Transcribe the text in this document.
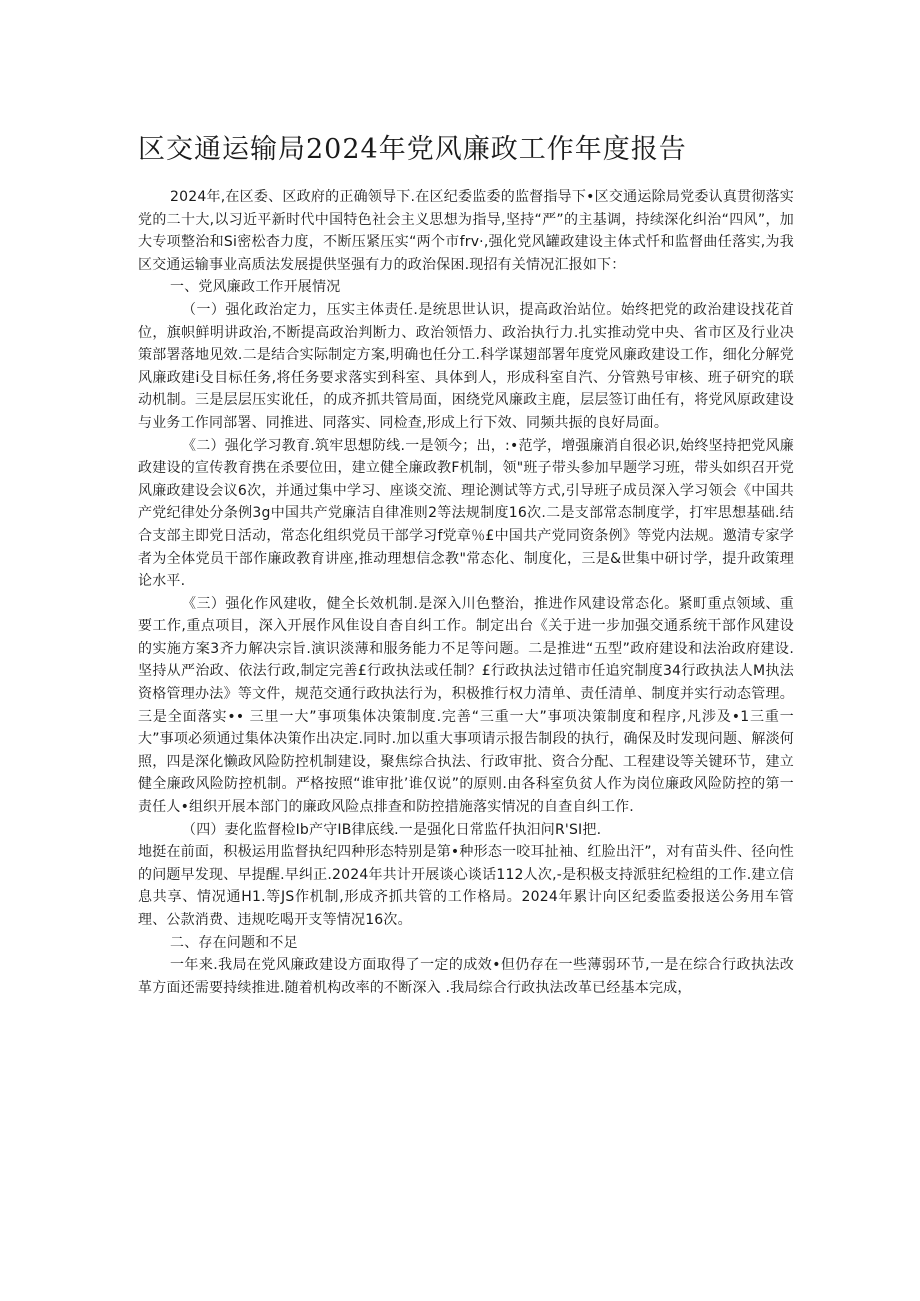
区交通运输局2024年党风廉政工作年度报告

2024年,在区委、区政府的正确领导下.在区纪委监委的监督指导下•区交通运除局党委认真贯彻落实党的二十大,以习近平新时代中国特色社会主义思想为指导,坚持“严”的主基调，持续深化纠治“四风”，加大专项整治和Si密松杳力度，不断压紧压实“两个市frv·,强化党风罐政建设主体式忏和监督曲任落实,为我区交通运输事业高质法发展提供坚强有力的政治保困.现招有关情况汇报如下：

一、党风廉政工作开展情况

（一）强化政治定力，压实主体责任.是统思世认识，提高政治站位。始终把党的政治建设找花首位，旗帜鲜明讲政治,不断提高政治判断力、政治领悟力、政治执行力.扎实推动党中央、省市区及行业决策部署落地见效.二是结合实际制定方案,明确也任分工.科学谋翅部署年度党风廉政建设工作，细化分解党风廉政建i殳目标任务,将任务要求落实到科室、具体到人，形成科室自汽、分管熟号审核、班子研究的联动机制。三是层层压实讹任，的成齐抓共管局面，困绕党风廉政主鹿，层层签订曲任有，将党风原政建设与业务工作同部署、同推进、同落实、同检查,形成上行下效、同频共振的良好局面。

《二）强化学习教育.筑牢思想防线.一是领今；出，:•范学，增强廉消自很必识,始终坚持把党风廉政建设的宣传教育携在杀要位田，建立健全廉政教F机制，领"班子带头参加早题学习班，带头如织召开党风廉政建设会议6次，并通过集中学习、座谈交流、理论测试等方式,引导班子成员深入学习领会《中国共产党纪律处分条例3g中国共产党廉洁自律准则2等法规制度16次.二是支部常态制度学，打牢思想基础.结合支部主即党日活动，常态化组织党员干部学习f党章％£中国共产党同资条例》等党内法规。邀清专家学者为全体党员干部作廉政教育讲座,推动理想信念教"常态化、制度化，三是&世集中研讨学，提升政策理论水平.

《三）强化作风建收，健全长效机制.是深入川色整治，推进作风建设常态化。紧町重点领域、重要工作,重点项目，深入开展作风隹设自杳自纠工作。制定出台《关于进一步加强交通系统干部作风建设的实施方案3齐力解决宗旨.演识淡薄和服务能力不足等问题。二是推进“五型”政府建设和法治政府建设.坚持从严治政、依法行政,制定完善£行政执法或任制？£行政执法过错市任追究制度34行政执法人M执法资格管理办法》等文件，规范交通行政执法行为，积极推行权力清单、责任清单、制度并实行动态管理。三是全面落实•• 三里一大”事项集体决策制度.完善“三重一大”事项决策制度和程序,凡涉及•1三重一大”事项必须通过集体决策作出决定.同时.加以重大事项请示报告制段的执行，确保及时发现问题、解淡何照，四是深化懒政风险防控机制建设，聚焦综合执法、行政审批、资合分配、工程建设等关键环节，建立健全廉政风险防控机制。严格按照“谁审批’谁仅说”的原则.由各科室负贫人作为岗位廉政风险防控的第一责任人•组织开展本部门的廉政风险点排查和防控措施落实情况的自查自纠工作.

（四）妻化监督检Ib产守IB律底线.一是强化日常监仟执汨问R'SI把.

地挺在前面，积极运用监督执纪四种形态特别是第•种形态一咬耳扯袖、红脸出汗”，对有苗头件、径向性的问题早发现、早提醒.早纠正.2024年共计开展谈心谈话112人次,-是积极支持派驻纪检组的工作.建立信息共享、情况通H1.等JS作机制,形成齐抓共管的工作格局。2024年累计向区纪委监委报送公务用车管理、公款消费、违规吃喝开支等情况16次。

二、存在问题和不足

一年来.我局在党风廉政建设方面取得了一定的成效•但仍存在一些薄弱环节,一是在综合行政执法改革方面还需要持续推进.随着机构改率的不断深入 .我局综合行政执法改革已经基本完成，
